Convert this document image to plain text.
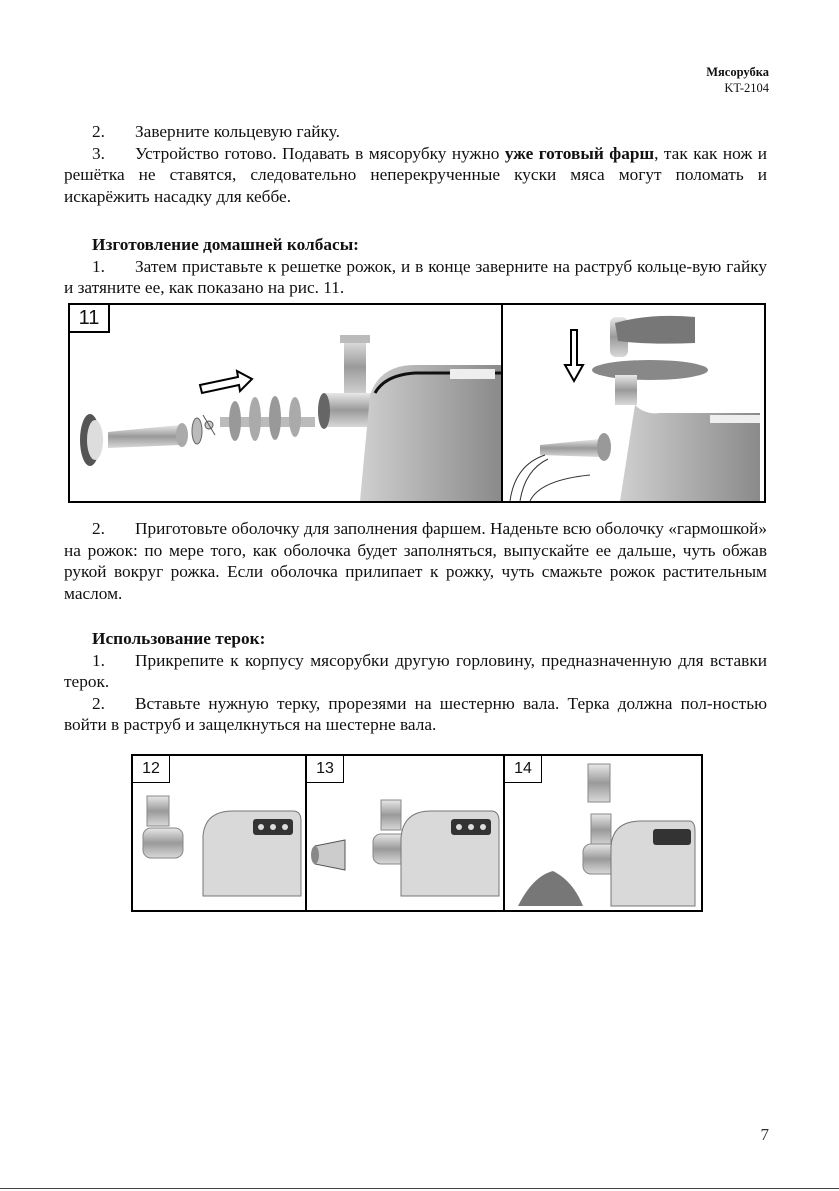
Мясорубка
KT-2104

2. Заверните кольцевую гайку.

3. Устройство готово. Подавать в мясорубку нужно уже готовый фарш, так как нож и решётка не ставятся, следовательно неперекрученные куски мяса могут поломать и искарёжить насадку для кеббе.

Изготовление домашней колбасы:

1. Затем приставьте к решетке рожок, и в конце заверните на раструб кольце-вую гайку и затяните ее, как показано на рис. 11.

11

2. Приготовьте оболочку для заполнения фаршем. Наденьте всю оболочку «гармошкой» на рожок: по мере того, как оболочка будет заполняться, выпускайте ее дальше, чуть обжав рукой вокруг рожка. Если оболочка прилипает к рожку, чуть смажьте рожок растительным маслом.

Использование терок:

1. Прикрепите к корпусу мясорубки другую горловину, предназначенную для вставки терок.

2. Вставьте нужную терку, прорезями на шестерню вала. Терка должна пол-ностью войти в раструб и защелкнуться на шестерне вала.

12	13	14
7
